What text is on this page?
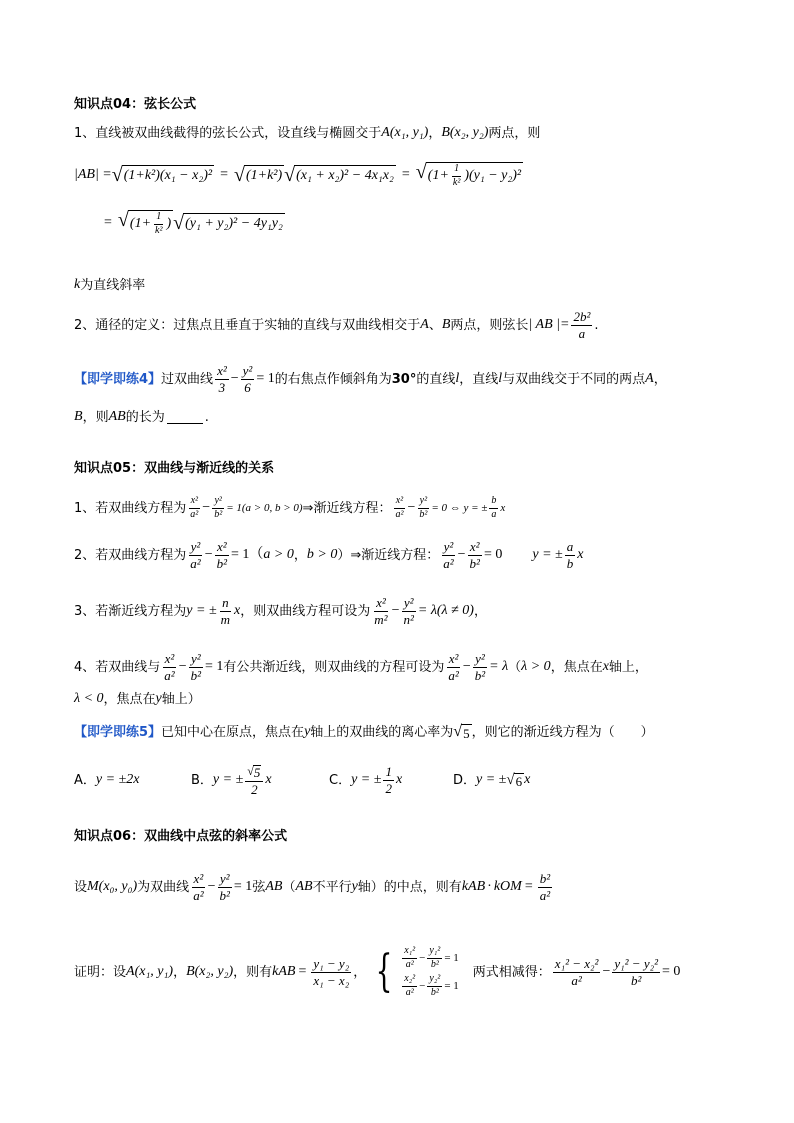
知识点04：弦长公式
1、直线被双曲线截得的弦长公式，设直线与椭圆交于 A(x₁, y₁) ， B(x₂, y₂) 两点，则
|AB| = √ (1+k²)(x₁ − x₂)² = √ (1+k²) √ (x₁ + x₂)² − 4x₁x₂ = √ ( $1+ \frac{1}{\text{k²}} )(y_1 - y_2)^2$
= √ ( $1+ \frac{1}{\text{k²}}$ ) √ (y₁ + y₂)² − 4y₁y₂
k 为直线斜率
2、通径的定义：过焦点且垂直于实轴的直线与双曲线相交于 A 、 B 两点，则弦长 | AB |= $\frac{\text{2b²}}{a}$ .
【即学即练4】 过双曲线 $\frac{\text{x²}}{3} - \frac{\text{y²}}{6} = 1$ 的右焦点作倾斜角为 30° 的直线 l ，直线 l 与双曲线交于不同的两点 A ，
B ，则 AB 的长为	.
知识点05：双曲线与渐近线的关系
1、若双曲线方程为 $\frac{\text{x²}}{\text{a²}} - \frac{\text{y²}}{\text{b²}} = 1(a > 0$, b > 0) ⇒渐近线方程： $\frac{\text{x²}}{\text{a²}} - \frac{\text{y²}}{\text{b²}} = 0$ ⇔ y = ± $\frac{b}{a}$ x
2、若双曲线方程为 $\frac{\text{y²}}{\text{a²}} - \frac{\text{x²}}{\text{b²}} = 1$（ a > 0 ， b > 0 ）⇒渐近线方程： $\frac{\text{y²}}{\text{a²}} - \frac{\text{x²}}{\text{b²}} = 0$ y = ± $\frac{a}{b}$ x
3、若渐近线方程为 y = ± $\frac{n}{m}$ x ，则双曲线方程可设为 $\frac{\text{x²}}{\text{m²}} - \frac{\text{y²}}{\text{n²}} = \lambda(\lambda \ne 0)$ ，
4、若双曲线与 $\frac{\text{x²}}{\text{a²}} - \frac{\text{y²}}{\text{b²}} = 1$ 有公共渐近线，则双曲线的方程可设为 $\frac{\text{x²}}{\text{a²}} - \frac{\text{y²}}{\text{b²}} = \lambda$ （ λ > 0 ，焦点在 x 轴上，
λ < 0 ，焦点在 y 轴上）
【即学即练5】 已知中心在原点，焦点在 y 轴上的双曲线的离心率为 √ 5 ，则它的渐近线方程为（　　）
A． y = ±2x	B． y = ± $\frac{√ 5}{2}$ x	C． y = ± $\frac{1}{2}$ x	D． y = ± √ 6 x
知识点06：双曲线中点弦的斜率公式
设 M(x₀, y₀) 为双曲线 $\frac{\text{x²}}{\text{a²}} - \frac{\text{y²}}{\text{b²}} = 1$ 弦 AB （ AB 不平行 y 轴）的中点，则有 k AB · k OM = $\frac{\text{b²}}{\text{a²}}$
证明：设 A(x₁, y₁) ， B(x₂, y₂) ，则有 k AB = $\frac{\text{y₁ − y₂}}{\text{x₁ − x₂}}$ ， { $\frac{\text{x₁²}}{\text{a²}} - \frac{\text{y₁²}}{\text{b²}} = 1$
$\frac{\text{x₂²}}{\text{a²}} - \frac{\text{y₂²}}{\text{b²}} = 1$
两式相减得： $\frac{\text{x₁² − x₂²}}{\text{a²}} - \frac{\text{y₁² − y₂²}}{\text{b²}} = 0$
